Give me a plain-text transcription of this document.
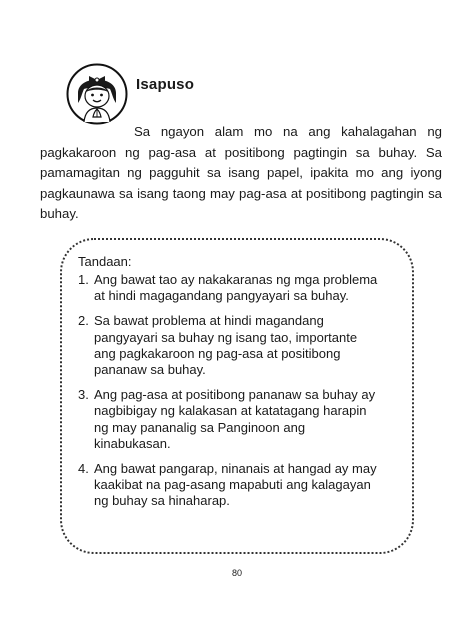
Isapuso

Sa ngayon alam mo na ang kahalagahan ng pagkakaroon ng pag-asa at positibong pagtingin sa buhay. Sa pamamagitan ng pagguhit sa isang papel, ipakita mo ang iyong pagkaunawa sa isang taong may pag-asa at positibong pagtingin sa buhay.

Tandaan:
1. Ang bawat tao ay nakakaranas ng mga problema at hindi magagandang pangyayari sa buhay.
2. Sa bawat problema at hindi magandang pangyayari sa buhay ng isang tao, importante ang pagkakaroon ng pag-asa at positibong pananaw sa buhay.
3. Ang pag-asa at positibong pananaw sa buhay ay nagbibigay ng kalakasan at katatagang harapin ng may pananalig sa Panginoon ang kinabukasan.
4. Ang bawat pangarap, ninanais at hangad ay may kaakibat na pag-asang mapabuti ang kalagayan ng buhay sa hinaharap.
80
